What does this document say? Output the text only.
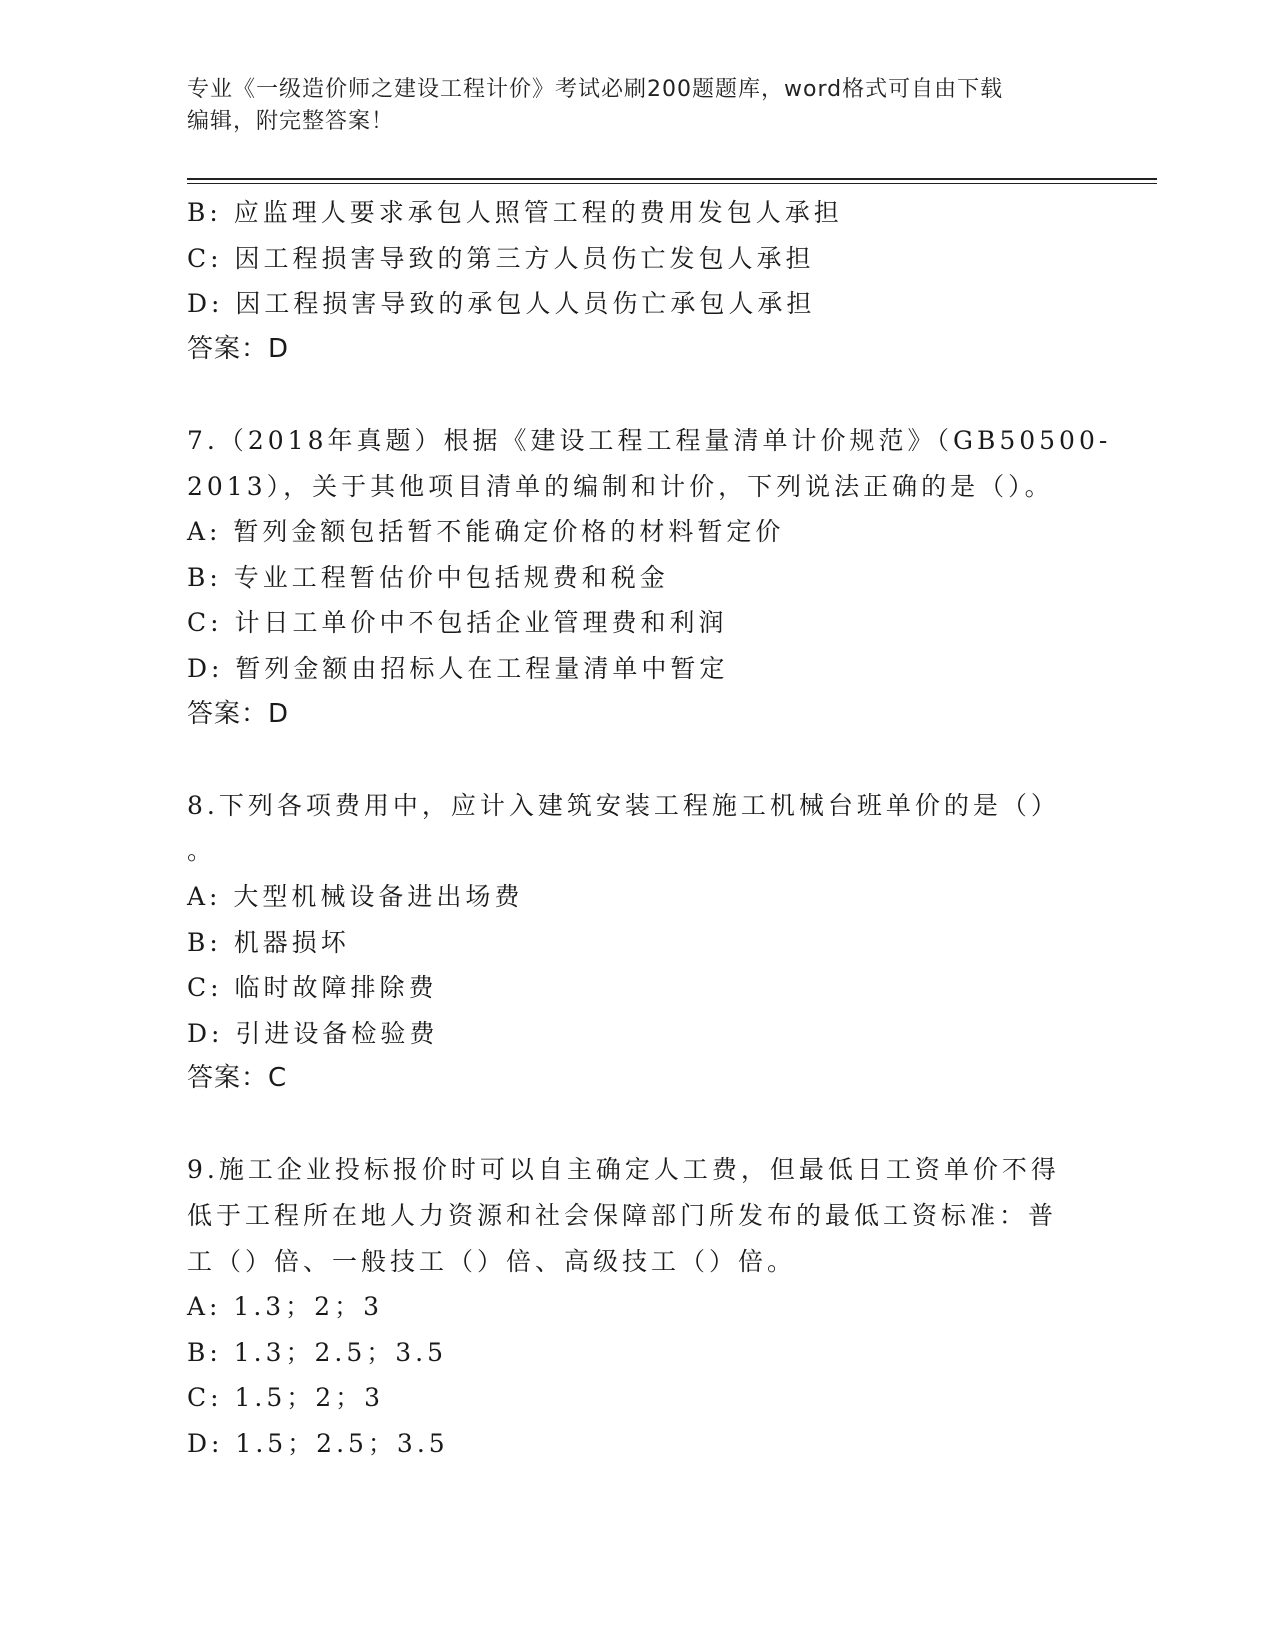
专业《一级造价师之建设工程计价》考试必刷200题题库，word格式可自由下载
编辑，附完整答案！
B: 应监理人要求承包人照管工程的费用发包人承担
C: 因工程损害导致的第三方人员伤亡发包人承担
D: 因工程损害导致的承包人人员伤亡承包人承担
答案：D
7.（2018年真题）根据《建设工程工程量清单计价规范》（GB50500-
2013），关于其他项目清单的编制和计价，下列说法正确的是（）。
A: 暂列金额包括暂不能确定价格的材料暂定价
B: 专业工程暂估价中包括规费和税金
C: 计日工单价中不包括企业管理费和利润
D: 暂列金额由招标人在工程量清单中暂定
答案：D
8.下列各项费用中，应计入建筑安装工程施工机械台班单价的是（）
。
A: 大型机械设备进出场费
B: 机器损坏
C: 临时故障排除费
D: 引进设备检验费
答案：C
9.施工企业投标报价时可以自主确定人工费，但最低日工资单价不得
低于工程所在地人力资源和社会保障部门所发布的最低工资标准：普
工（）倍、一般技工（）倍、高级技工（）倍。
A: 1.3；2；3
B: 1.3；2.5；3.5
C: 1.5；2；3
D: 1.5；2.5；3.5
